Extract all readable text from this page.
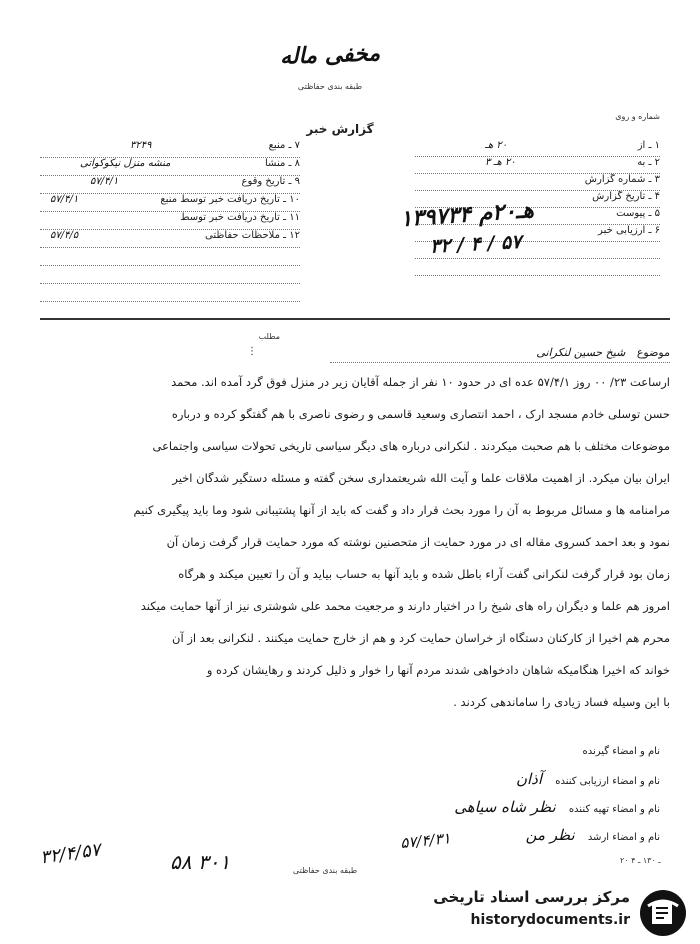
مخفی ماله
طبقه بندی حفاظتی
گزارش خبر
شماره و روی
۷ ـ منبع
۳۲۴۹
۸ ـ منشأ
منشه منزل نیکوکواتی
۹ ـ تاریخ وقوع
۵۷/۴/۱
۱۰ ـ تاریخ دریافت خبر توسط منبع
۵۷/۴/۱
۱۱ ـ تاریخ دریافت خبر توسط
۱۲ ـ ملاحظات حفاظتی
۵۷/۴/۵
۱ ـ از
۲۰ هـ
۲ ـ به
۲۰ هـ ۳
۳ ـ شماره گزارش
۴ ـ تاریخ گزارش
۵ ـ پیوست
۶ ـ ارزیابی خبر
۱۳هـ۲۰م ۹۷۳۴
۳۲ / ۴ / ۵۷
مطلب
⋮	موضوع شیخ حسین لنکرانی
ارساعت ۲۳/ ۰۰ روز ۵۷/۴/۱ عده ای در حدود ۱۰ نفر از جمله آقایان زیر در منزل فوق گرد آمده اند. محمد
حسن توسلی خادم مسجد ارک ، احمد انتصاری وسعید قاسمی و رضوی ناصری با هم گفتگو کرده و درباره
موضوعات مختلف با هم صحبت میکردند . لنکرانی درباره های دیگر سیاسی تاریخی تحولات سیاسی واجتماعی
ایران بیان میکرد. از اهمیت ملاقات علما و آیت الله شریعتمداری سخن گفته و مسئله دستگیر شدگان اخیر
مرامنامه ها و مسائل مربوط به آن را مورد بحث قرار داد و گفت که باید از آنها پشتیبانی شود وما باید پیگیری کنیم
نمود و بعد احمد کسروی مقاله ای در مورد حمایت از متحصنین نوشته که مورد حمایت قرار گرفت زمان آن
زمان بود قرار گرفت لنکرانی گفت آراء باطل شده و باید آنها به حساب بیاید و آن را تعیین میکند و هرگاه
امروز هم علما و دیگران راه های شیخ را در اختیار دارند و مرجعیت محمد علی شوشتری نیز از آنها حمایت میکند
محرم هم اخیرا از کارکنان دستگاه از خراسان حمایت کرد و هم از خارج حمایت میکنند . لنکرانی بعد از آن
خواند که اخیرا هنگامیکه شاهان دادخواهی شدند مردم آنها را خوار و ذلیل کردند و رهایشان کرده و
با این وسیله فساد زیادی را ساماندهی کردند .
نام و امضاء گیرنده
نام و امضاء ارزیابی کننده آذان
نام و امضاء تهیه کننده نظر شاه سیاهی
نام و امضاء ارشد نظر من
۳۲/۴/۵۷	۵۸ ۳۰۱
۵۷/۴/۳۱
طبقه بندی حفاظتی
۲۰ ـ ۱۳۰ ـ ۴
مرکز بررسی اسناد تاریخی
historydocuments.ir
